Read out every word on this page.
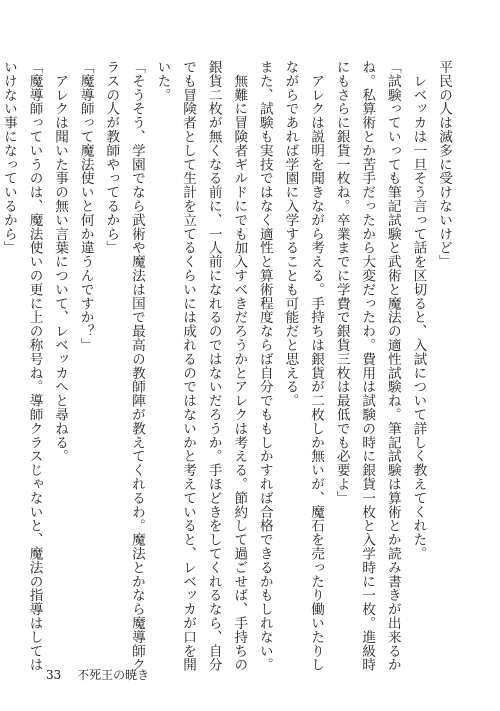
平民の人は滅多に受けないけど」
　レベッカは一旦そう言って話を区切ると、入試について詳しく教えてくれた。
「試験っていっても筆記試験と武術と魔法の適性試験ね。筆記試験は算術とか読み書きが出来るか
ね。私算術とか苦手だったから大変だったわ。費用は試験の時に銀貨一枚と入学時に一枚。進級時
にもさらに銀貨一枚ね。卒業までに学費で銀貨三枚は最低でも必要よ」
　アレクは説明を聞きながら考える。手持ちは銀貨が二枚しか無いが、魔石を売ったり働いたりし
ながらであれば学園に入学することも可能だと思える。
また、試験も実技ではなく適性と算術程度ならば自分でももしかすれば合格できるかもしれない。
　無難に冒険者ギルドにでも加入すべきだろうかとアレクは考える。節約して過ごせば、手持ちの
銀貨二枚が無くなる前に、一人前になれるのではないだろうか。手ほどきをしてくれるなら、自分
でも冒険者として生計を立てるくらいには成れるのではないかと考えていると、レベッカが口を開
いた。
「そうそう、学園でなら武術や魔法は国で最高の教師陣が教えてくれるわ。魔法とかなら魔導師ク
ラスの人が教師やってるから」
「魔導師って魔法使いと何か違うんですか？」
　アレクは聞いた事の無い言葉について、レベッカへと尋ねる。
「魔導師っていうのは、魔法使いの更に上の称号ね。導師クラスじゃないと、魔法の指導はしては
いけない事になっているから」
33 不死王の暁き
